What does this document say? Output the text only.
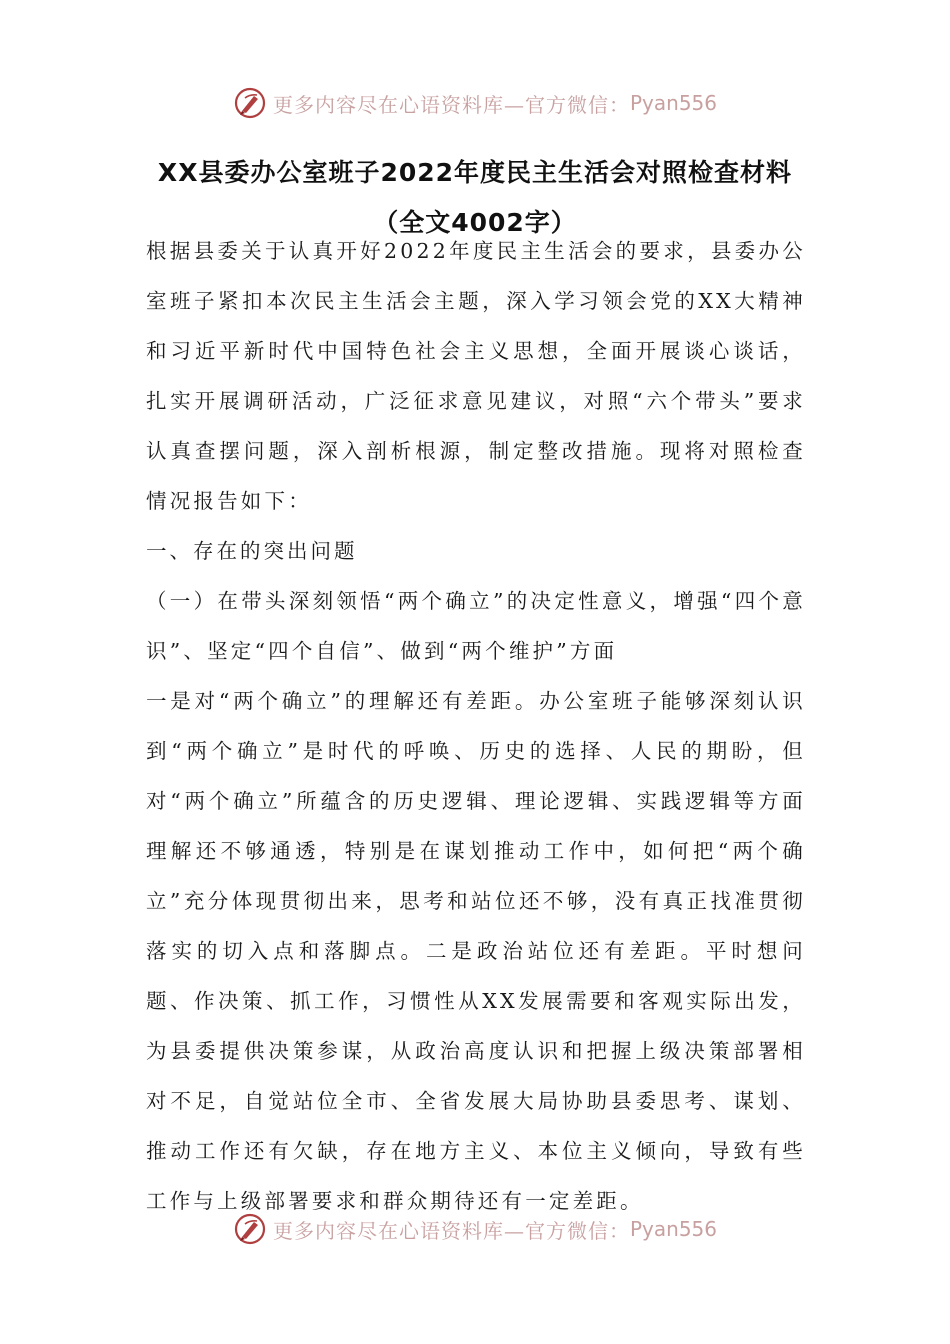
更多内容尽在心语资料库—官方微信： Pyan556
XX县委办公室班子2022年度民主生活会对照检查材料
（全文4002字）

根据县委关于认真开好2022年度民主生活会的要求，县委办公室班子紧扣本次民主生活会主题，深入学习领会党的XX大精神和习近平新时代中国特色社会主义思想，全面开展谈心谈话，扎实开展调研活动，广泛征求意见建议，对照“六个带头”要求认真查摆问题，深入剖析根源，制定整改措施。现将对照检查情况报告如下：

一、存在的突出问题

（一）在带头深刻领悟“两个确立”的决定性意义，增强“四个意识”、坚定“四个自信”、做到“两个维护”方面

一是对“两个确立”的理解还有差距。办公室班子能够深刻认识到“两个确立”是时代的呼唤、历史的选择、人民的期盼，但对“两个确立”所蕴含的历史逻辑、理论逻辑、实践逻辑等方面理解还不够通透，特别是在谋划推动工作中，如何把“两个确立”充分体现贯彻出来，思考和站位还不够，没有真正找准贯彻落实的切入点和落脚点。二是政治站位还有差距。平时想问题、作决策、抓工作，习惯性从XX发展需要和客观实际出发，为县委提供决策参谋，从政治高度认识和把握上级决策部署相对不足，自觉站位全市、全省发展大局协助县委思考、谋划、推动工作还有欠缺，存在地方主义、本位主义倾向，导致有些工作与上级部署要求和群众期待还有一定差距。

更多内容尽在心语资料库—官方微信： Pyan556
